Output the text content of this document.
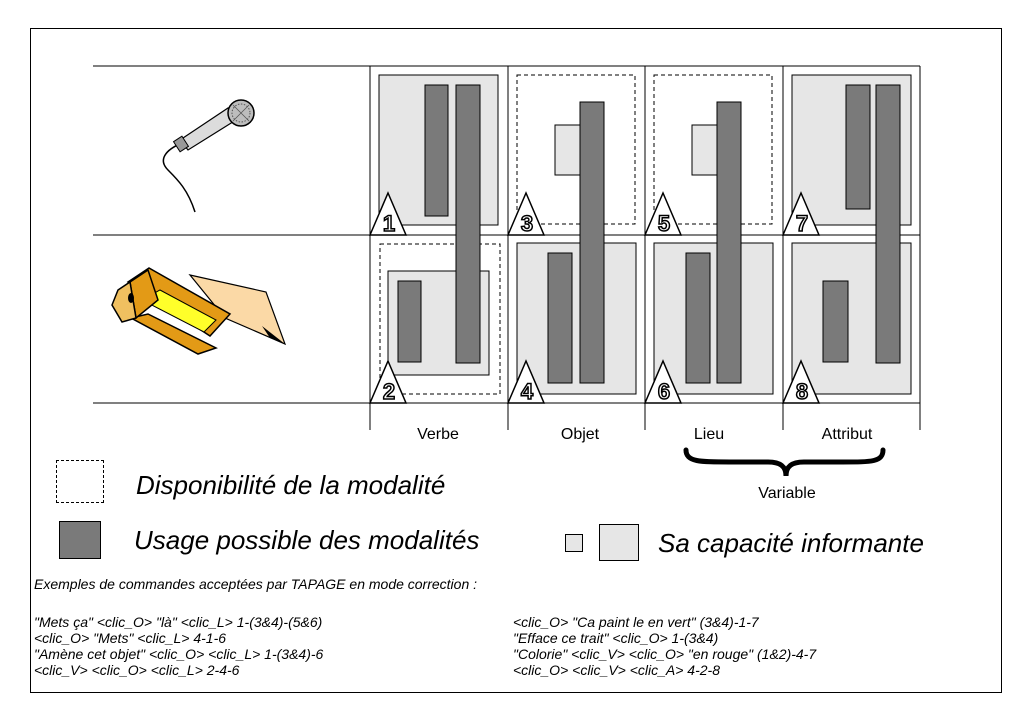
1
2
3
4
5
6
7
8
Verbe	Objet	Lieu	Attribut
Variable
Disponibilité de la modalité
Usage possible des modalités	Sa capacité informante
Exemples de commandes acceptées par TAPAGE en mode correction :
"Mets ça" <clic_O> "là" <clic_L> 1-(3&4)-(5&6)
<clic_O> "Mets" <clic_L> 4-1-6
"Amène cet objet" <clic_O> <clic_L> 1-(3&4)-6
<clic_V> <clic_O> <clic_L> 2-4-6
<clic_O> "Ca paint le en vert" (3&4)-1-7
"Efface ce trait" <clic_O> 1-(3&4)
"Colorie" <clic_V> <clic_O> "en rouge" (1&2)-4-7
<clic_O> <clic_V> <clic_A> 4-2-8
